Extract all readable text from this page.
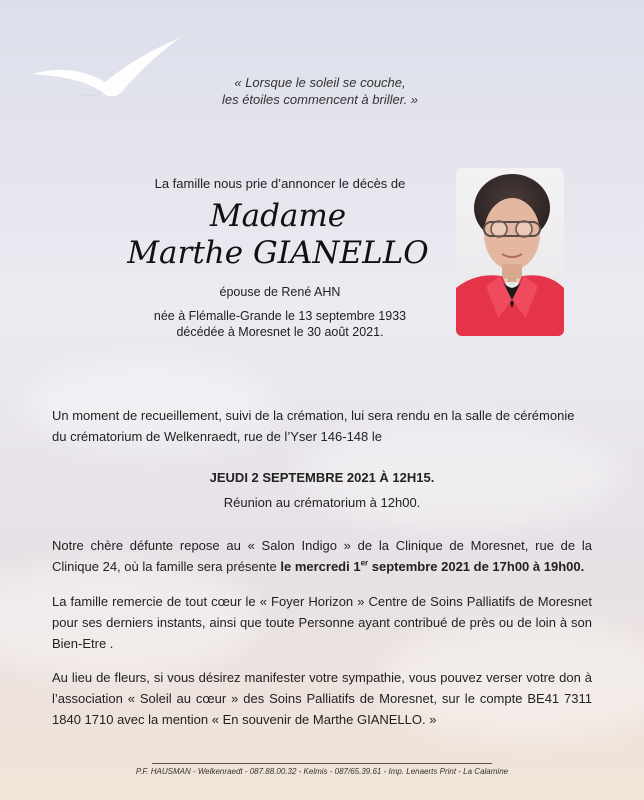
« Lorsque le soleil se couche,
les étoiles commencent à briller. »
La famille nous prie d’annoncer le décès de
Madame
Marthe GIANELLO
épouse de René AHN
née à Flémalle-Grande le 13 septembre 1933
décédée à Moresnet le 30 août 2021.
Un moment de recueillement, suivi de la crémation, lui sera rendu en la salle de cérémonie du crématorium de Welkenraedt, rue de l’Yser 146-148 le
JEUDI 2 SEPTEMBRE 2021 À 12H15.
Réunion au crématorium à 12h00.
Notre chère défunte repose au « Salon Indigo » de la Clinique de Moresnet, rue de la Clinique 24, où la famille sera présente le mercredi 1er septembre 2021 de 17h00 à 19h00.
La famille remercie de tout cœur le « Foyer Horizon » Centre de Soins Palliatifs de Moresnet pour ses derniers instants, ainsi que toute Personne ayant contribué de près ou de loin à son Bien-Etre .
Au lieu de fleurs, si vous désirez manifester votre sympathie, vous pouvez verser votre don à l’association « Soleil au cœur » des Soins Palliatifs de Moresnet, sur le compte BE41 7311 1840 1710 avec la mention « En souvenir de Marthe GIANELLO. »
P.F. HAUSMAN - Welkenraedt - 087.88.00.32 - Kelmis - 087/65.39.61 - Imp. Lenaerts Print - La Calamine
